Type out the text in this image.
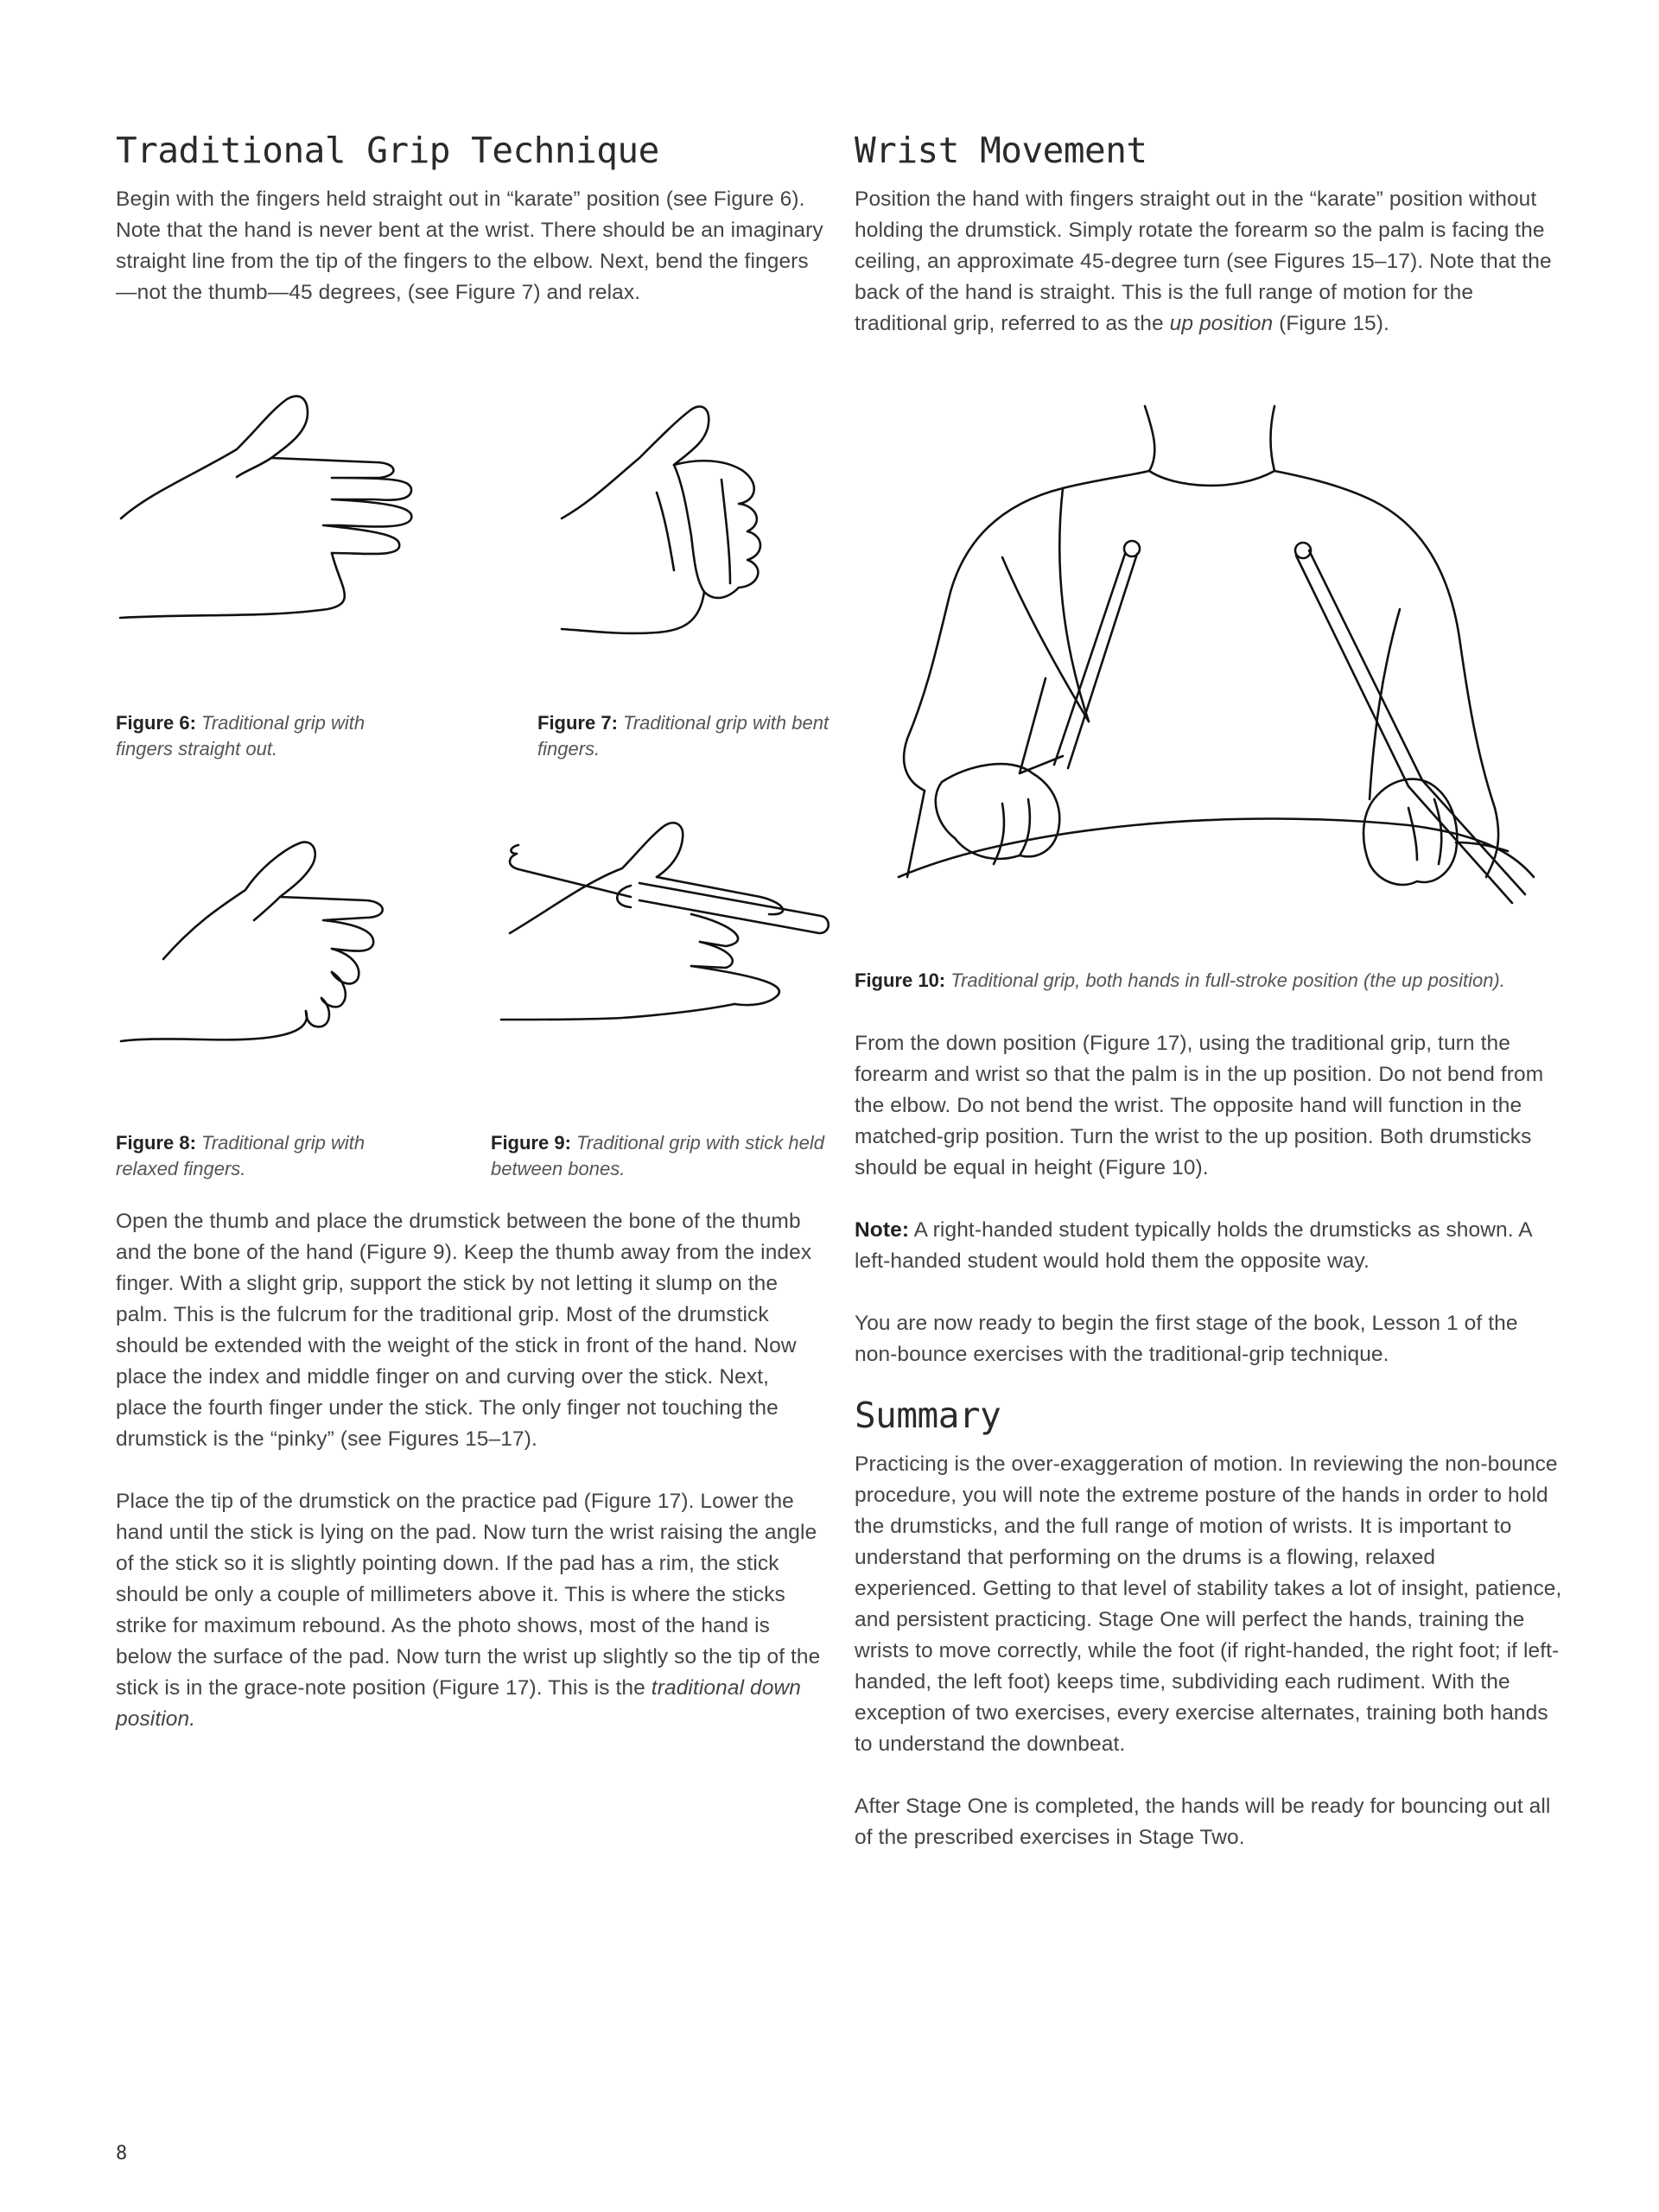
Traditional Grip Technique

Begin with the fingers held straight out in “karate” position (see Figure 6). Note that the hand is never bent at the wrist. There should be an imaginary straight line from the tip of the fingers to the elbow. Next, bend the fingers—not the thumb—45 degrees, (see Figure 7) and relax.

Wrist Movement

Position the hand with fingers straight out in the “karate” position without holding the drumstick. Simply rotate the forearm so the palm is facing the ceiling, an approximate 45-degree turn (see Figures 15–17). Note that the back of the hand is straight. This is the full range of motion for the traditional grip, referred to as the up position (Figure 15).

Figure 6: Traditional grip with fingers straight out.
Figure 7: Traditional grip with bent fingers.
Figure 8: Traditional grip with relaxed fingers.
Figure 9: Traditional grip with stick held between bones.
Figure 10: Traditional grip, both hands in full-stroke position (the up position).

Open the thumb and place the drumstick between the bone of the thumb and the bone of the hand (Figure 9). Keep the thumb away from the index finger. With a slight grip, support the stick by not letting it slump on the palm. This is the fulcrum for the traditional grip. Most of the drumstick should be extended with the weight of the stick in front of the hand. Now place the index and middle finger on and curving over the stick. Next, place the fourth finger under the stick. The only finger not touching the drumstick is the “pinky” (see Figures 15–17).

Place the tip of the drumstick on the practice pad (Figure 17). Lower the hand until the stick is lying on the pad. Now turn the wrist raising the angle of the stick so it is slightly pointing down. If the pad has a rim, the stick should be only a couple of millimeters above it. This is where the sticks strike for maximum rebound. As the photo shows, most of the hand is below the surface of the pad. Now turn the wrist up slightly so the tip of the stick is in the grace-note position (Figure 17). This is the traditional down position.

From the down position (Figure 17), using the traditional grip, turn the forearm and wrist so that the palm is in the up position. Do not bend from the elbow. Do not bend the wrist. The opposite hand will function in the matched-grip position. Turn the wrist to the up position. Both drumsticks should be equal in height (Figure 10).

Note: A right-handed student typically holds the drumsticks as shown. A left-handed student would hold them the opposite way.

You are now ready to begin the first stage of the book, Lesson 1 of the non-bounce exercises with the traditional-grip technique.

Summary

Practicing is the over-exaggeration of motion. In reviewing the non-bounce procedure, you will note the extreme posture of the hands in order to hold the drumsticks, and the full range of motion of wrists. It is important to understand that performing on the drums is a flowing, relaxed experienced. Getting to that level of stability takes a lot of insight, patience, and persistent practicing. Stage One will perfect the hands, training the wrists to move correctly, while the foot (if right-handed, the right foot; if left-handed, the left foot) keeps time, subdividing each rudiment. With the exception of two exercises, every exercise alternates, training both hands to understand the downbeat.

After Stage One is completed, the hands will be ready for bouncing out all of the prescribed exercises in Stage Two.

8
